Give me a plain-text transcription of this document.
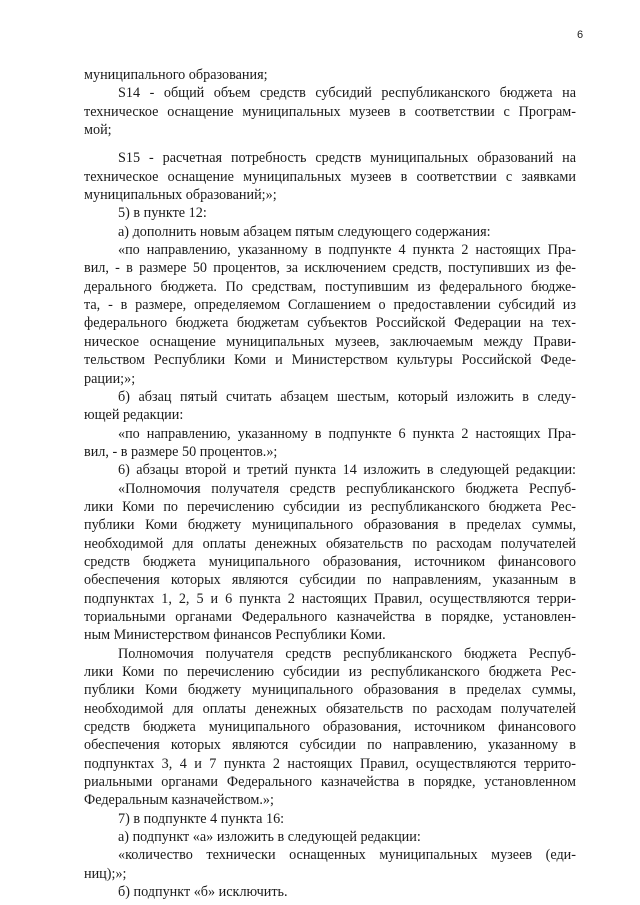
6
муниципального образования;
S14 - общий объем средств субсидий республиканского бюджета на
техническое оснащение муниципальных музеев в соответствии с Програм-
мой;
S15 - расчетная потребность средств муниципальных образований на
техническое оснащение муниципальных музеев в соответствии с заявками
муниципальных образований;»;
5) в пункте 12:
а) дополнить новым абзацем пятым следующего содержания:
«по направлению, указанному в подпункте 4 пункта 2 настоящих Пра-
вил, - в размере 50 процентов, за исключением средств, поступивших из фе-
дерального бюджета. По средствам, поступившим из федерального бюдже-
та, - в размере, определяемом Соглашением о предоставлении субсидий из
федерального бюджета бюджетам субъектов Российской Федерации на тех-
ническое оснащение муниципальных музеев, заключаемым между Прави-
тельством Республики Коми и Министерством культуры Российской Феде-
рации;»;
б) абзац пятый считать абзацем шестым, который изложить в следу-
ющей редакции:
«по направлению, указанному в подпункте 6 пункта 2 настоящих Пра-
вил, - в размере 50 процентов.»;
6) абзацы второй и третий пункта 14 изложить в следующей редакции:
«Полномочия получателя средств республиканского бюджета Респуб-
лики Коми по перечислению субсидии из республиканского бюджета Рес-
публики Коми бюджету муниципального образования в пределах суммы,
необходимой для оплаты денежных обязательств по расходам получателей
средств бюджета муниципального образования, источником финансового
обеспечения которых являются субсидии по направлениям, указанным в
подпунктах 1, 2, 5 и 6 пункта 2 настоящих Правил, осуществляются терри-
ториальными органами Федерального казначейства в порядке, установлен-
ным Министерством финансов Республики Коми.
Полномочия получателя средств республиканского бюджета Респуб-
лики Коми по перечислению субсидии из республиканского бюджета Рес-
публики Коми бюджету муниципального образования в пределах суммы,
необходимой для оплаты денежных обязательств по расходам получателей
средств бюджета муниципального образования, источником финансового
обеспечения которых являются субсидии по направлению, указанному в
подпунктах 3, 4 и 7 пункта 2 настоящих Правил, осуществляются террито-
риальными органами Федерального казначейства в порядке, установленном
Федеральным казначейством.»;
7) в подпункте 4 пункта 16:
а) подпункт «а» изложить в следующей редакции:
«количество технически оснащенных муниципальных музеев (еди-
ниц);»;
б) подпункт «б» исключить.
